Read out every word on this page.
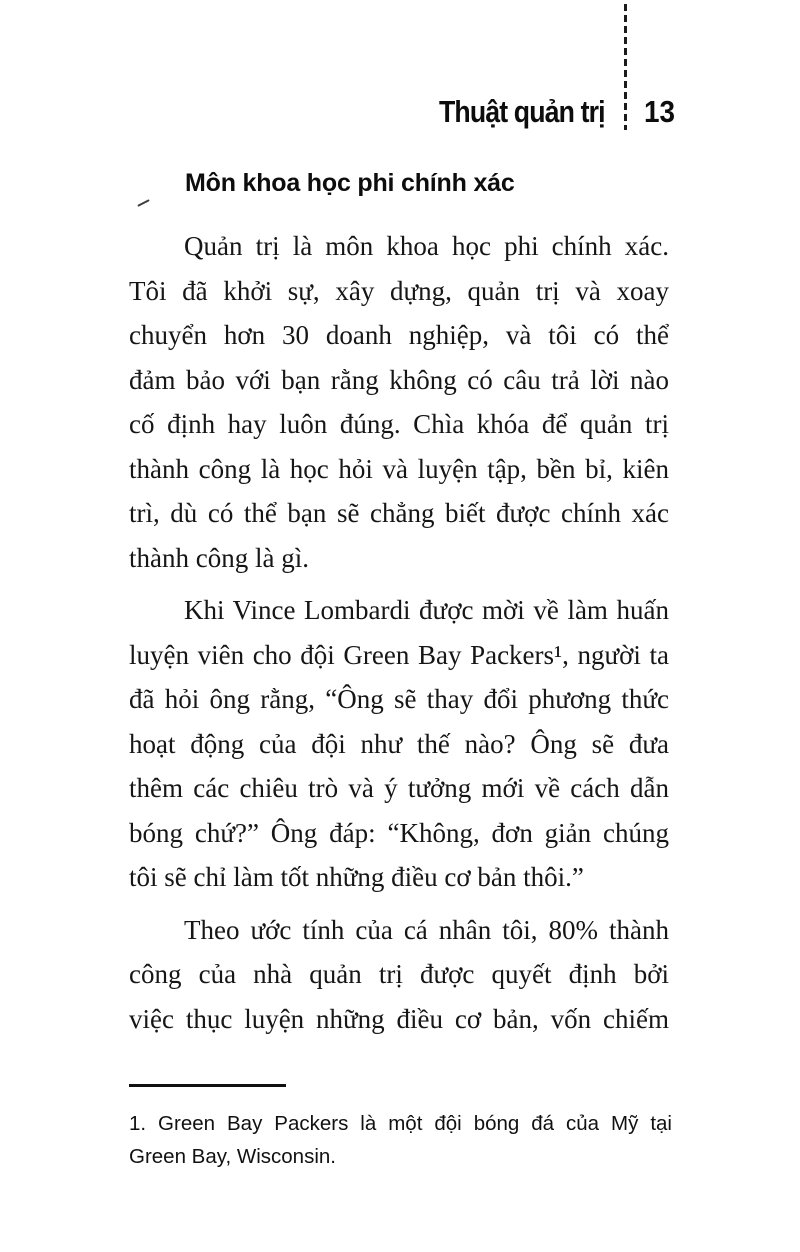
Thuật quản trị 13
Môn khoa học phi chính xác
Quản trị là môn khoa học phi chính xác.
Tôi đã khởi sự, xây dựng, quản trị và xoay
chuyển hơn 30 doanh nghiệp, và tôi có thể
đảm bảo với bạn rằng không có câu trả lời nào
cố định hay luôn đúng. Chìa khóa để quản trị
thành công là học hỏi và luyện tập, bền bỉ, kiên
trì, dù có thể bạn sẽ chẳng biết được chính xác
thành công là gì.
Khi Vince Lombardi được mời về làm huấn
luyện viên cho đội Green Bay Packers¹, người ta
đã hỏi ông rằng, “Ông sẽ thay đổi phương thức
hoạt động của đội như thế nào? Ông sẽ đưa
thêm các chiêu trò và ý tưởng mới về cách dẫn
bóng chứ?” Ông đáp: “Không, đơn giản chúng
tôi sẽ chỉ làm tốt những điều cơ bản thôi.”
Theo ước tính của cá nhân tôi, 80% thành
công của nhà quản trị được quyết định bởi
việc thục luyện những điều cơ bản, vốn chiếm
1. Green Bay Packers là một đội bóng đá của Mỹ tại
Green Bay, Wisconsin.
